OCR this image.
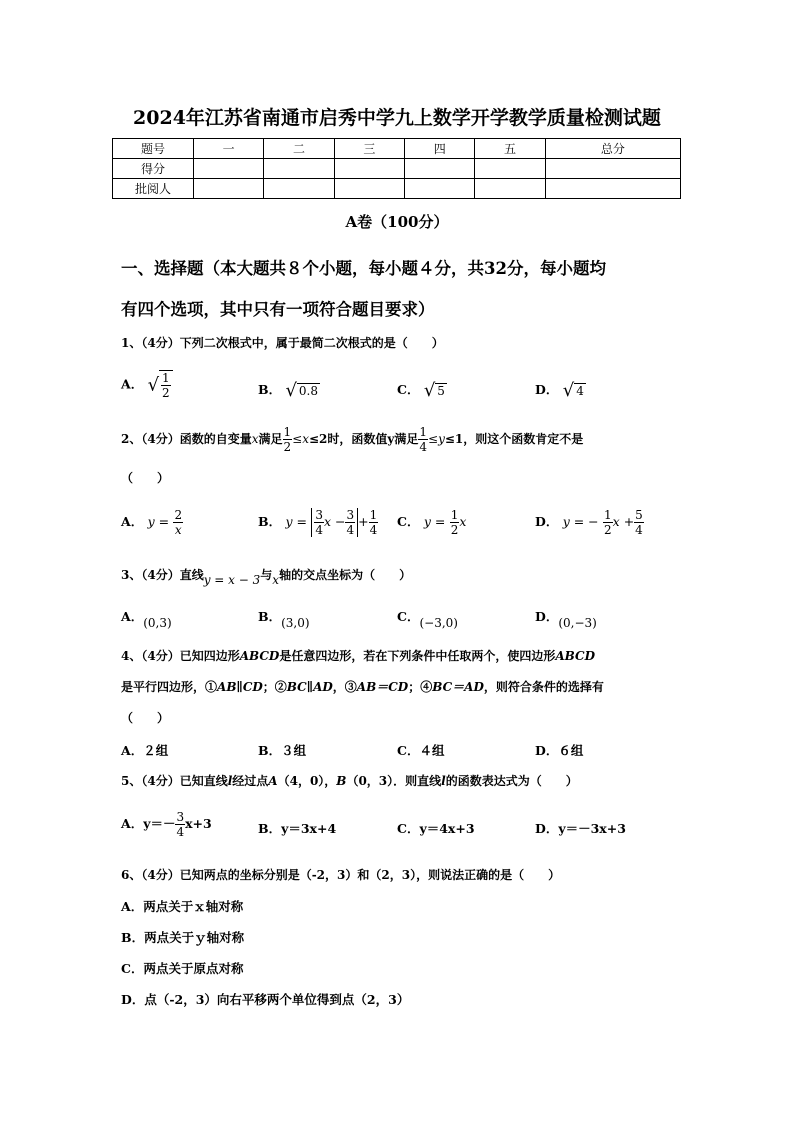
2024年江苏省南通市启秀中学九上数学开学教学质量检测试题
题号	一	二	三	四	五	总分
得分						
批阅人						
A卷（100分）
一、选择题（本大题共８个小题，每小题４分，共32分，每小题均
有四个选项，其中只有一项符合题目要求）
1、（4分）下列二次根式中，属于最简二次根式的是（　　）
A． √ $\frac{1}{2}$	B． √ 0.8	C． √ 5	D． √ 4
2、（4分）函数的自变量x满足 $\frac{1}{2} \le x\le 2$时，函数值y满足 $\frac{1}{4} \le y\le 1$，则这个函数肯定不是
（　　）
A． $y = \frac{2}{x}$	B． $y = \frac{3}{4}$ $x - \frac{3}{4} + \frac{1}{4}$ C． $y = \frac{1}{2}$ x	D． y = − $\frac{1}{2}$ $x + \frac{5}{4}$
3、（4分）直线y = x − 3与x轴的交点坐标为（　　）
A．(0,3)	B．(3,0)	C．(−3,0)	D．(0,−3)
4、（4分）已知四边形ABCD是任意四边形，若在下列条件中任取两个，使四边形ABCD
是平行四边形，①AB∥CD；②BC∥AD，③AB＝CD；④BC＝AD，则符合条件的选择有
（　　）
A．２组	B．３组	C．４组	D．６组
5、（4分）已知直线l经过点A（4，0），B（0，3）．则直线l的函数表达式为（　　）
A．$y=- \frac{3}{4} x+3$	B．y＝3x+4	C．y＝4x+3	D．y＝－3x+3
6、（4分）已知两点的坐标分别是（-2，3）和（2，3），则说法正确的是（　　）
A．两点关于ｘ轴对称
B．两点关于ｙ轴对称
C．两点关于原点对称
D．点（-2，3）向右平移两个单位得到点（2，3）
